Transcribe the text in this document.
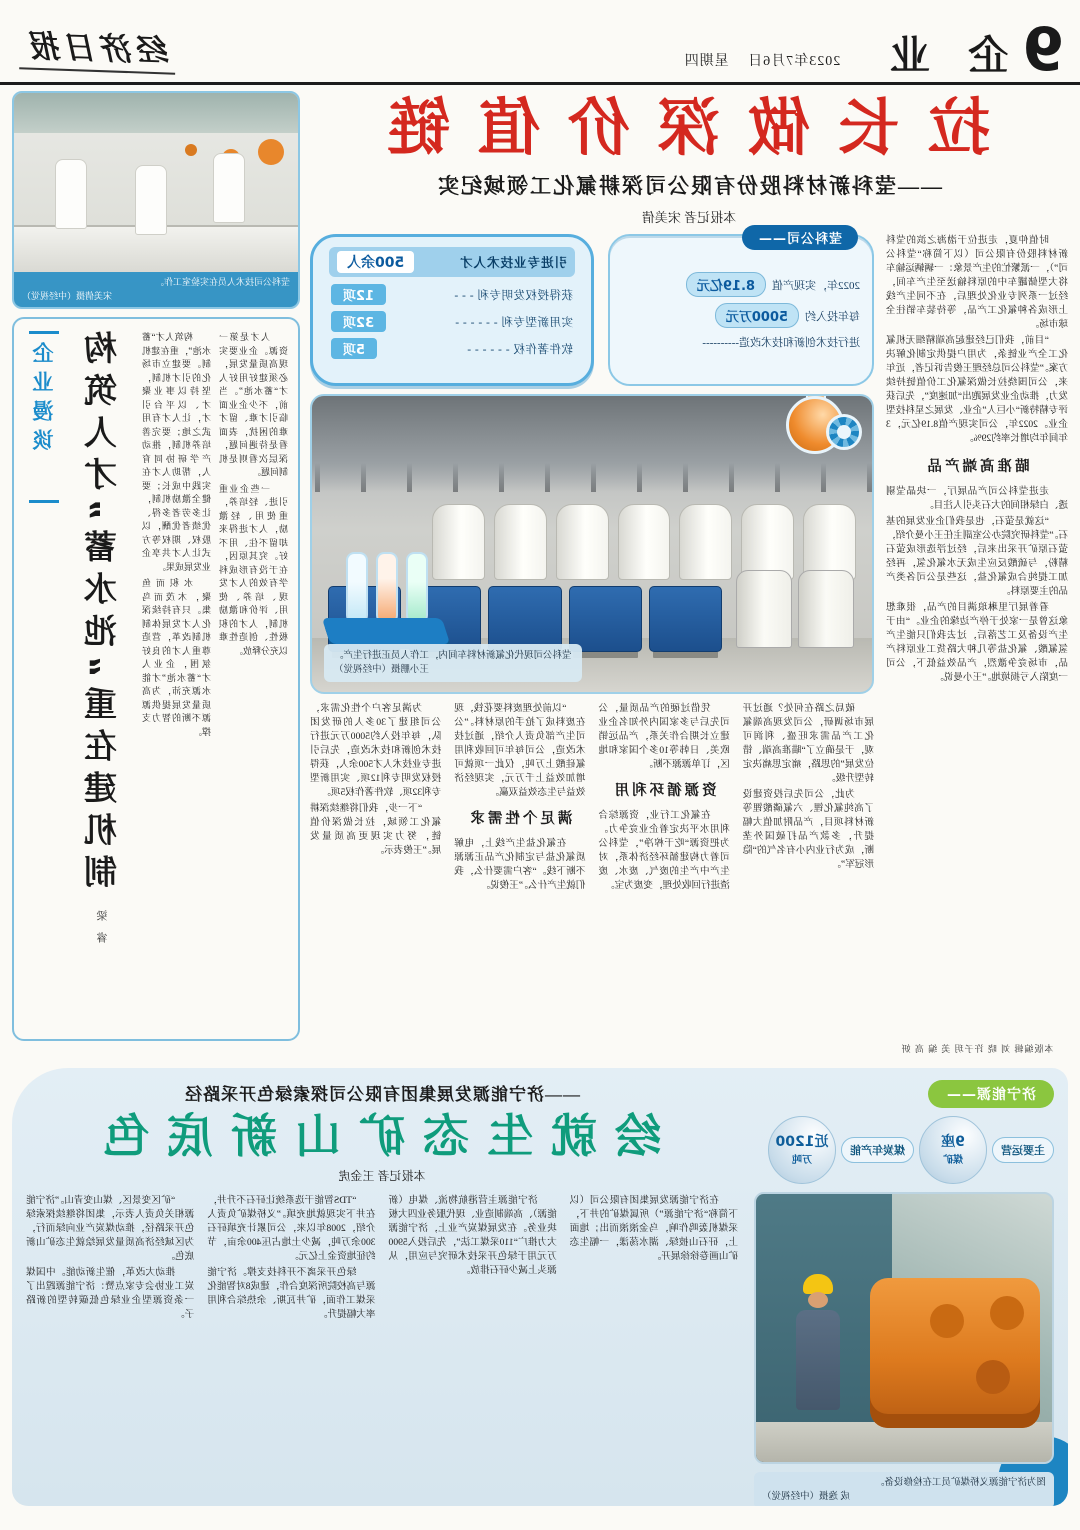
9
企 业
2023年7月6日 星期四
经济日报
拉长做深价值链
——莹科新材料股份有限公司深耕氟化工领域纪实
本报记者 宋美倩

时值仲夏，走进位于渤海之滨的莹科新材料股份有限公司（以下简称“莹科公司”），一派繁忙的生产景象：一辆辆运输车将大型储罐车中的原料输送至生产车间，经过一系列专业化处理后，在不同生产线上形成各种氟化工产品，等待装车销往全球市场。

“目前，我们已经建起高端精细无机氟化工全产业链条，为用户提供定制化解决方案。”莹科公司总经理王俊告诉记者，近年来，公司围绕拉长做深氟化工价值链持续发力，推动企业发展跑出“加速度”，先后获评专精特新“小巨人”企业、发展之星科技型企业。2022年，公司实现产值8.19亿元，3年间年均增长率约29%。

瞄准高端产品

走进莹科公司产品展厅，一块晶莹剔透、白绿相间的大石头引人注目。

“这就是萤石，也是我们企业发展的基石。”莹科研究院办公室副主任王小曼介绍，萤石原矿开采出来后，经过浮选形成萤石精粉，与硫酸反应生成无水氟化氢，再经加工提纯合成氟化盐，这些是公司各类产品的主要原料。

看着展厅里琳琅满目的产品，很难想象这曾是一家处于停产边缘的企业。“由于生产设备及工艺落后，过去我们只能生产氢氟酸、氟化盐等几种大路货工业原料产品，市场竞争激烈，产品效益低下，公司一度陷入亏损境地。”王小曼说。

本版编辑 刘 晓 许子玥 美 编 高 妍
莹科公司——
2022年，实现产值
8.19亿元
每年投入约
5000万元
进行技术创新和技术改造----------
引进专业技术人才
500余人
获得授权发明专利 - - -
12项
实用新型专利 - - - - - -
32项
软件著作权 - - - - - -
5项
莹科公司现代化氟新材料车间内，工作人员正进行生产。
王小鹏摄（中经视觉）

破局之路在何处？通过开展市场调研，公司发现高端氟化工产品需求旺盛、利润可观，于是确立了“瞄准高端、错位发展”的思路，痛定思痛决定转型升级。

为此，公司先后投资建设了高纯氟化锂、六氟磷酸锂等新材料项目，产品附加值大幅提升，多款产品打破国外垄断，成为行业内小有名气的“隐形冠军”。

凭借过硬的产品质量，公司先后与多家国内外知名企业建立长期合作关系，产品远销欧美、日韩等10多个国家和地区，订单源源不断。

资源循环利用

在氟化工行业，资源综合利用水平决定着企业竞争力。为把资源“吃干榨净”，莹科公司着力构建循环经济体系，对生产中产生的废气、废水、废渣进行回收处理，变废为宝。

“以前处理废料要花钱，现在废料成了抢手的原材料。”公司生产部负责人介绍，通过技术改造，公司每年可回收利用氟硅酸上万吨，仅此一项就可增加效益上千万元，实现经济效益与生态效益双赢。

满足个性需求

在氟化盐生产线上，电解质氟化盐与定制化产品正源源不断下线。“客户需要什么，我们就生产什么。”王俊说。

为满足客户个性化需求，公司组建了30多人的研发团队，每年投入约5000万元进行技术创新和技术改造，先后引进专业技术人才500余人，获得授权发明专利12项、实用新型专利32项、软件著作权5项。

“下一步，我们将继续深耕氟化工领域，拉长做深价值链，努力实现更高质量发展。”王俊表示。

莹科公司技术人员在实验室工作。
宋美倩摄（中经视觉）

人才是第一资源。企业要实现高质量发展，必须建好用好人才“蓄水池”。当前，不少企业面临引才难、留才难的困扰，表面看是待遇问题，深层次看则是机制问题。

一些企业重引进、轻培养，重使用、轻激励，人才进得来却留不住、用不好。究其原因，在于没有形成科学有效的人才发现、培养、使用、评价和激励机制，人才的积极性、创造性难以充分释放。

构筑人才“蓄水池”，重在建机制。要建立市场化的引才机制，坚持以事业聚才、以平台引才，让人才有用武之地；要完善培养机制，推动产学研协同育人，帮助人才在实践中成长；要健全激励机制，让多劳者多得、优绩者优酬，以股权、期权等方式让人才共享企业发展成果。

水积而鱼聚，木茂而鸟集。只有持续深化人才发展体制机制改革，营造尊重人才的良好氛围，企业人才“蓄水池”才能水源充沛，为高质量发展提供源源不断的智力支撑。

构筑人才“蓄水池”重在建机制
梁 睿
企业漫谈
济宁能源——
主要运营
9座
煤矿
煤炭年产能
近1200
万吨
图为济宁能源义桥煤矿员工在检修设备。
成 逸摄（中经视觉）
——济宁能源发展集团有限公司探索绿色开采路径
绘就生态矿山新底色
本报记者 王金虎

在济宁能源发展集团有限公司（以下简称“济宁能源”）所属煤矿的井下，采煤机轰鸣作响，乌金滚滚而出；地面上，矸石山披绿、湖水荡漾，一幅生态矿山画卷徐徐展开。

济宁能源主营港航物流、煤电（新能源）、高端制造业、现代服务业四大板块业务。在发展煤炭产业上，济宁能源大力推广“110采煤工法”，先后投入5900万元用于绿色开采技术研究与应用，从源头上减少矸石排放。

“TDS智能干选系统让矸石不升井，在井下实现就地充填。”义桥煤矿负责人介绍，2008年以来，公司累计充填矸石300余万吨，减少土地占压400余亩，节约征地资金上亿元。

绿色开采离不开科技支撑。济宁能源与高校院所深度合作，建成8对智能化采煤工作面，矿井瓦斯、余热综合利用率大幅提升。

“矿区变景区、煤山变青山。”济宁能源相关负责人表示，集团将继续探索绿色开采路径，推动煤炭产业向绿而行，为区域经济高质量发展绘就生态矿山新底色。

推动大改革，催生新动能。中国煤炭工业协会专家点赞：济宁能源蹚出了一条资源型企业绿色低碳转型的新路子。
